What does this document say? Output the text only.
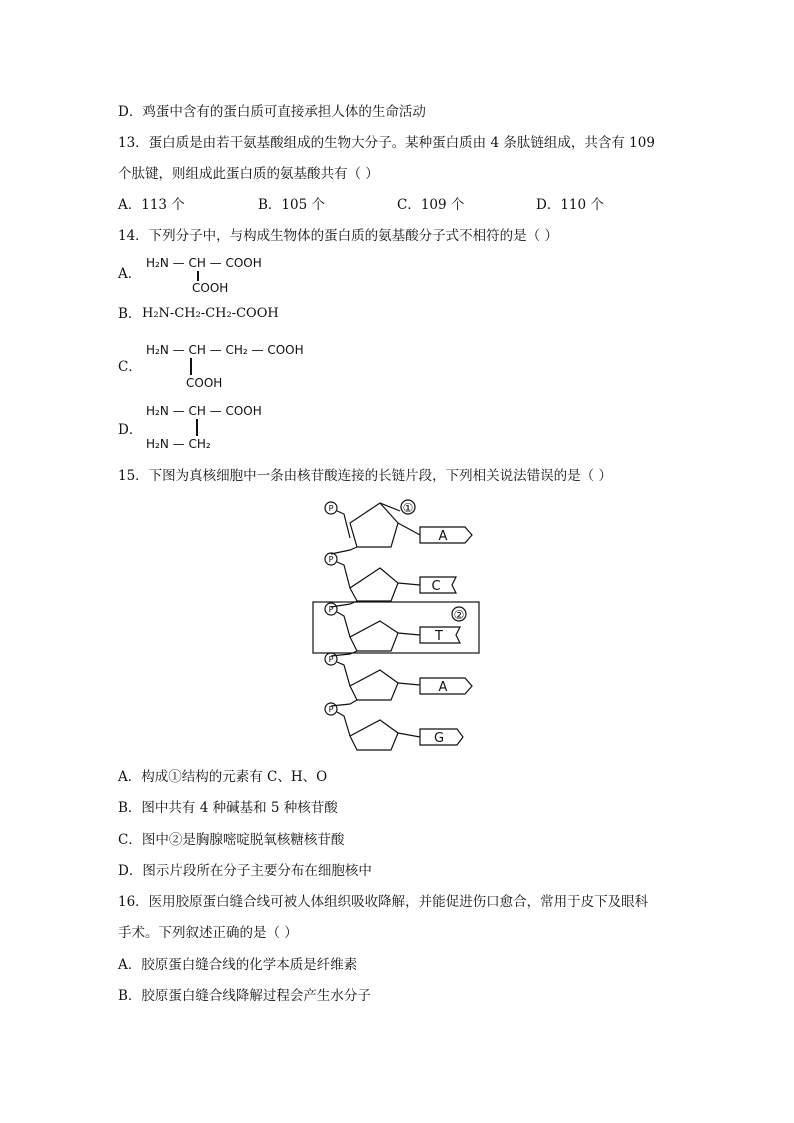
D．鸡蛋中含有的蛋白质可直接承担人体的生命活动
13．蛋白质是由若干氨基酸组成的生物大分子。某种蛋白质由 4 条肽链组成，共含有 109
个肽键，则组成此蛋白质的氨基酸共有（ ）
A．113 个	B．105 个	C．109 个	D．110 个
14．下列分子中，与构成生物体的蛋白质的氨基酸分子式不相符的是（ ）
A．
H₂N — CH — COOH
COOH
B． H₂N-CH₂-CH₂-COOH
C．
H₂N — CH — CH₂ — COOH
COOH
D．
H₂N — CH — COOH
H₂N — CH₂
15．下图为真核细胞中一条由核苷酸连接的长链片段，下列相关说法错误的是（ ）
P
P
P
P
P
①
②
A
C
T
A
G
A．构成①结构的元素有 C、H、O
B．图中共有 4 种碱基和 5 种核苷酸
C．图中②是胸腺嘧啶脱氧核糖核苷酸
D．图示片段所在分子主要分布在细胞核中
16．医用胶原蛋白缝合线可被人体组织吸收降解，并能促进伤口愈合，常用于皮下及眼科
手术。下列叙述正确的是（ ）
A．胶原蛋白缝合线的化学本质是纤维素
B．胶原蛋白缝合线降解过程会产生水分子
